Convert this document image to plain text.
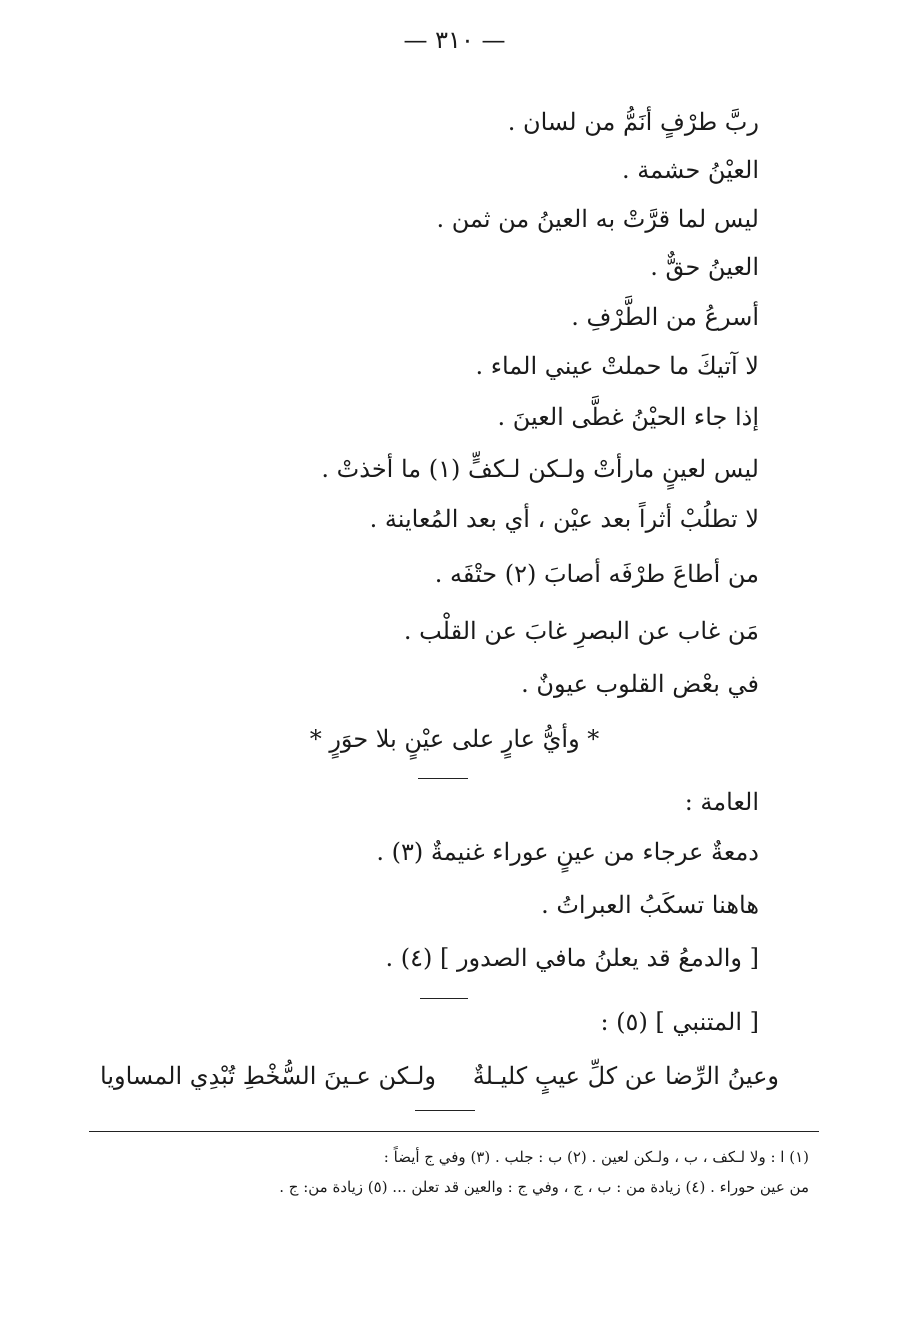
— ٣١٠ —
ربَّ طرْفٍ أنَمُّ من لسان .
العيْنُ حشمة .
ليس لما قرَّتْ به العينُ من ثمن .
العينُ حقٌّ .
أسرعُ من الطَّرْفِ .
لا آتيكَ ما حملتْ عيني الماء .
إذا جاء الحيْنُ غطَّى العينَ .
ليس لعينٍ مارأتْ ولـكن لـكفٍّ (١) ما أخذتْ .
لا تطلُبْ أثراً بعد عيْن ، أي بعد المُعاينة .
من أطاعَ طرْفَه أصابَ (٢) حتْفَه .
مَن غاب عن البصرِ غابَ عن القلْب .
في بعْض القلوب عيونٌ .
* وأيُّ عارٍ على عيْنٍ بلا حوَرٍ *
العامة :
دمعةٌ عرجاء من عينٍ عوراء غنيمةٌ (٣) .
هاهنا تسكَبُ العبراتُ .
[ والدمعُ قد يعلنُ مافي الصدور ] (٤) .
[ المتنبي ] (٥) :
وعينُ الرِّضا عن كلِّ عيبٍ كليـلةٌ
ولـكن عـينَ السُّخْطِ تُبْدِي المساويا
(١) ا : ولا لـكف ، ب ، ولـكن لعين . (٢) ب : جلب . (٣) وفي ج أيضاً :
من عين حوراء . (٤) زيادة من : ب ، ج ، وفي ج : والعين قد تعلن ... (٥) زيادة من: ج .
